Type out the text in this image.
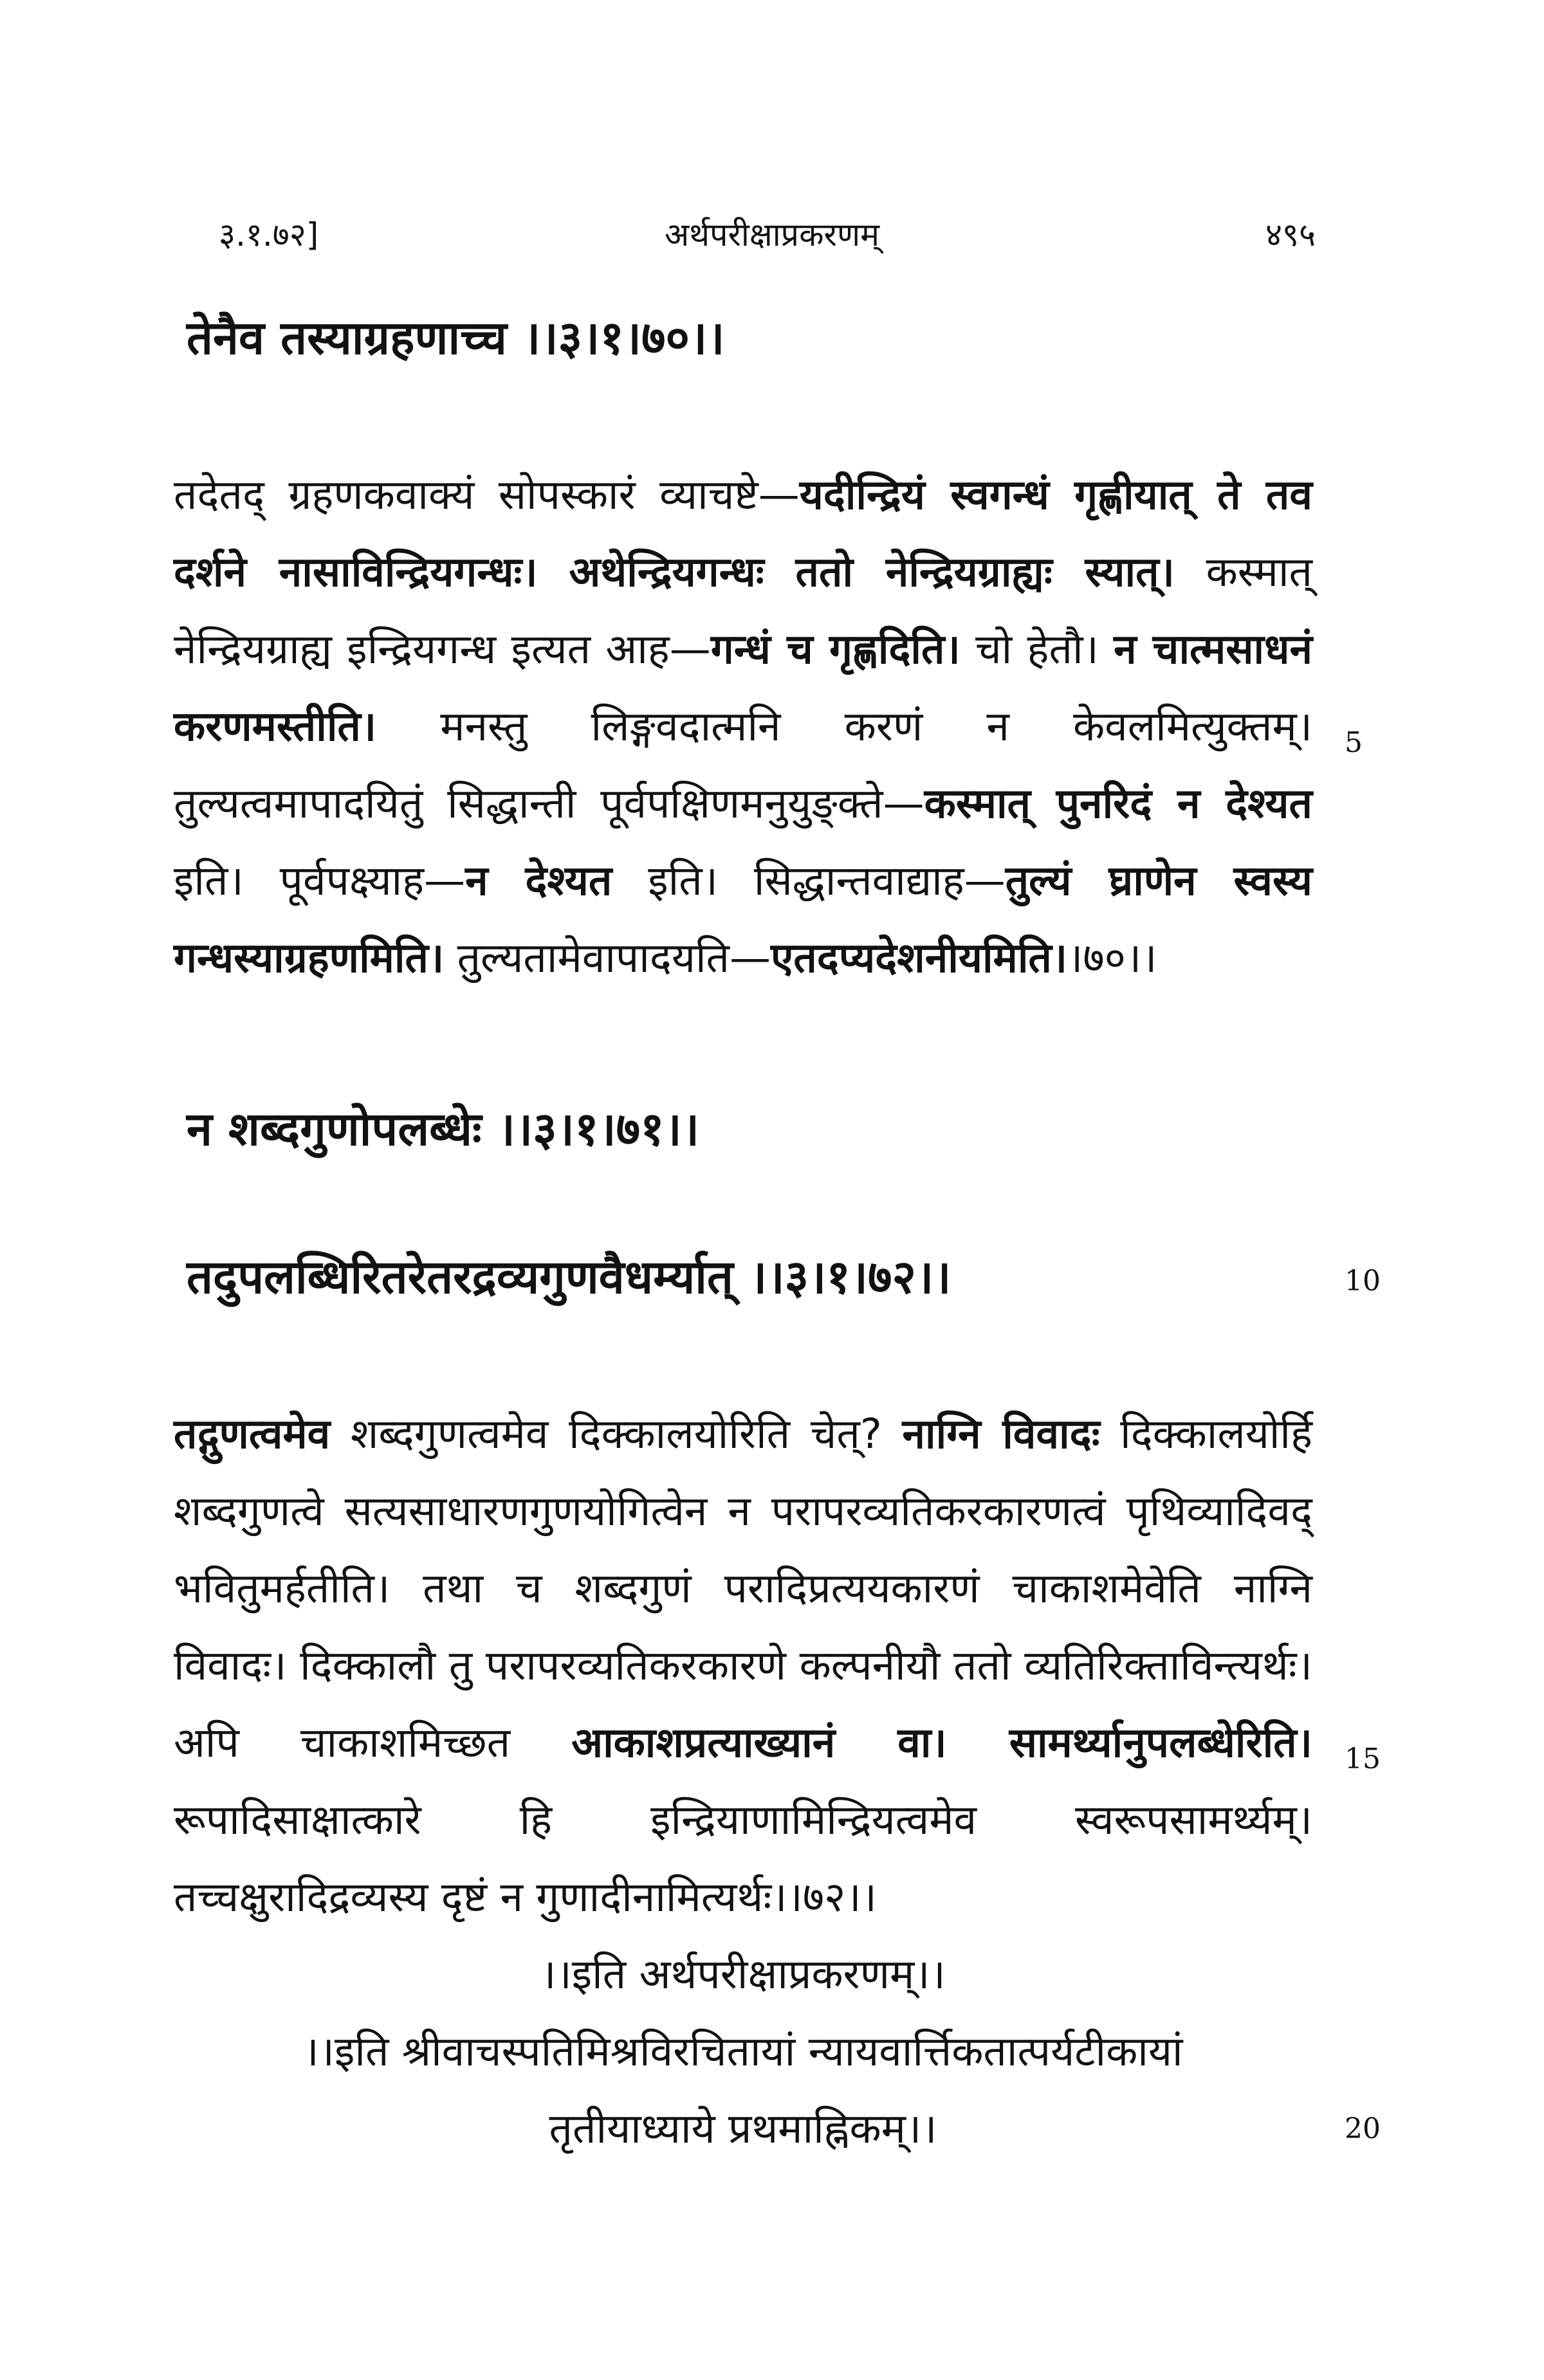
३.१.७२]	अर्थपरीक्षाप्रकरणम्	४९५
तेनैव तस्याग्रहणाच्च ।।३।१।७०।।
तदेतद् ग्रहणकवाक्यं सोपस्कारं व्याचष्टे—यदीन्द्रियं स्वगन्धं गृह्णीयात् ते तव दर्शने नासाविन्द्रियगन्धः। अथेन्द्रियगन्धः ततो नेन्द्रियग्राह्यः स्यात्। कस्मात् नेन्द्रियग्राह्य इन्द्रियगन्ध इत्यत आह—गन्धं च गृह्णदिति। चो हेतौ। न चात्मसाधनं करणमस्तीति। मनस्तु लिङ्गवदात्मनि करणं न केवलमित्युक्तम्। तुल्यत्वमापादयितुं सिद्धान्ती पूर्वपक्षिणमनुयुङ्क्ते—कस्मात् पुनरिदं न देश्यत इति। पूर्वपक्ष्याह—न देश्यत इति। सिद्धान्तवाद्याह—तुल्यं घ्राणेन स्वस्य गन्धस्याग्रहणमिति। तुल्यतामेवापादयति—एतदप्यदेशनीयमिति।।७०।।
5
न शब्दगुणोपलब्धेः ।।३।१।७१।।
तदुपलब्धिरितरेतरद्रव्यगुणवैधर्म्यात् ।।३।१।७२।।	10
तद्गुणत्वमेव शब्दगुणत्वमेव दिक्कालयोरिति चेत्? नाग्नि विवादः दिक्कालयोर्हि शब्दगुणत्वे सत्यसाधारणगुणयोगित्वेन न परापरव्यतिकरकारणत्वं पृथिव्यादिवद् भवितुमर्हतीति। तथा च शब्दगुणं परादिप्रत्ययकारणं चाकाशमेवेति नाग्नि विवादः। दिक्कालौ तु परापरव्यतिकरकारणे कल्पनीयौ ततो व्यतिरिक्ताविन्त्यर्थः। अपि चाकाशमिच्छत आकाशप्रत्याख्यानं वा। सामर्थ्यानुपलब्धेरिति। रूपादिसाक्षात्कारे हि इन्द्रियाणामिन्द्रियत्वमेव स्वरूपसामर्थ्यम्। तच्चक्षुरादिद्रव्यस्य दृष्टं न गुणादीनामित्यर्थः।।७२।।
15
।।इति अर्थपरीक्षाप्रकरणम्।।
।।इति श्रीवाचस्पतिमिश्रविरचितायां न्यायवार्त्तिकतात्पर्यटीकायां
तृतीयाध्याये प्रथमाह्निकम्।।	20
